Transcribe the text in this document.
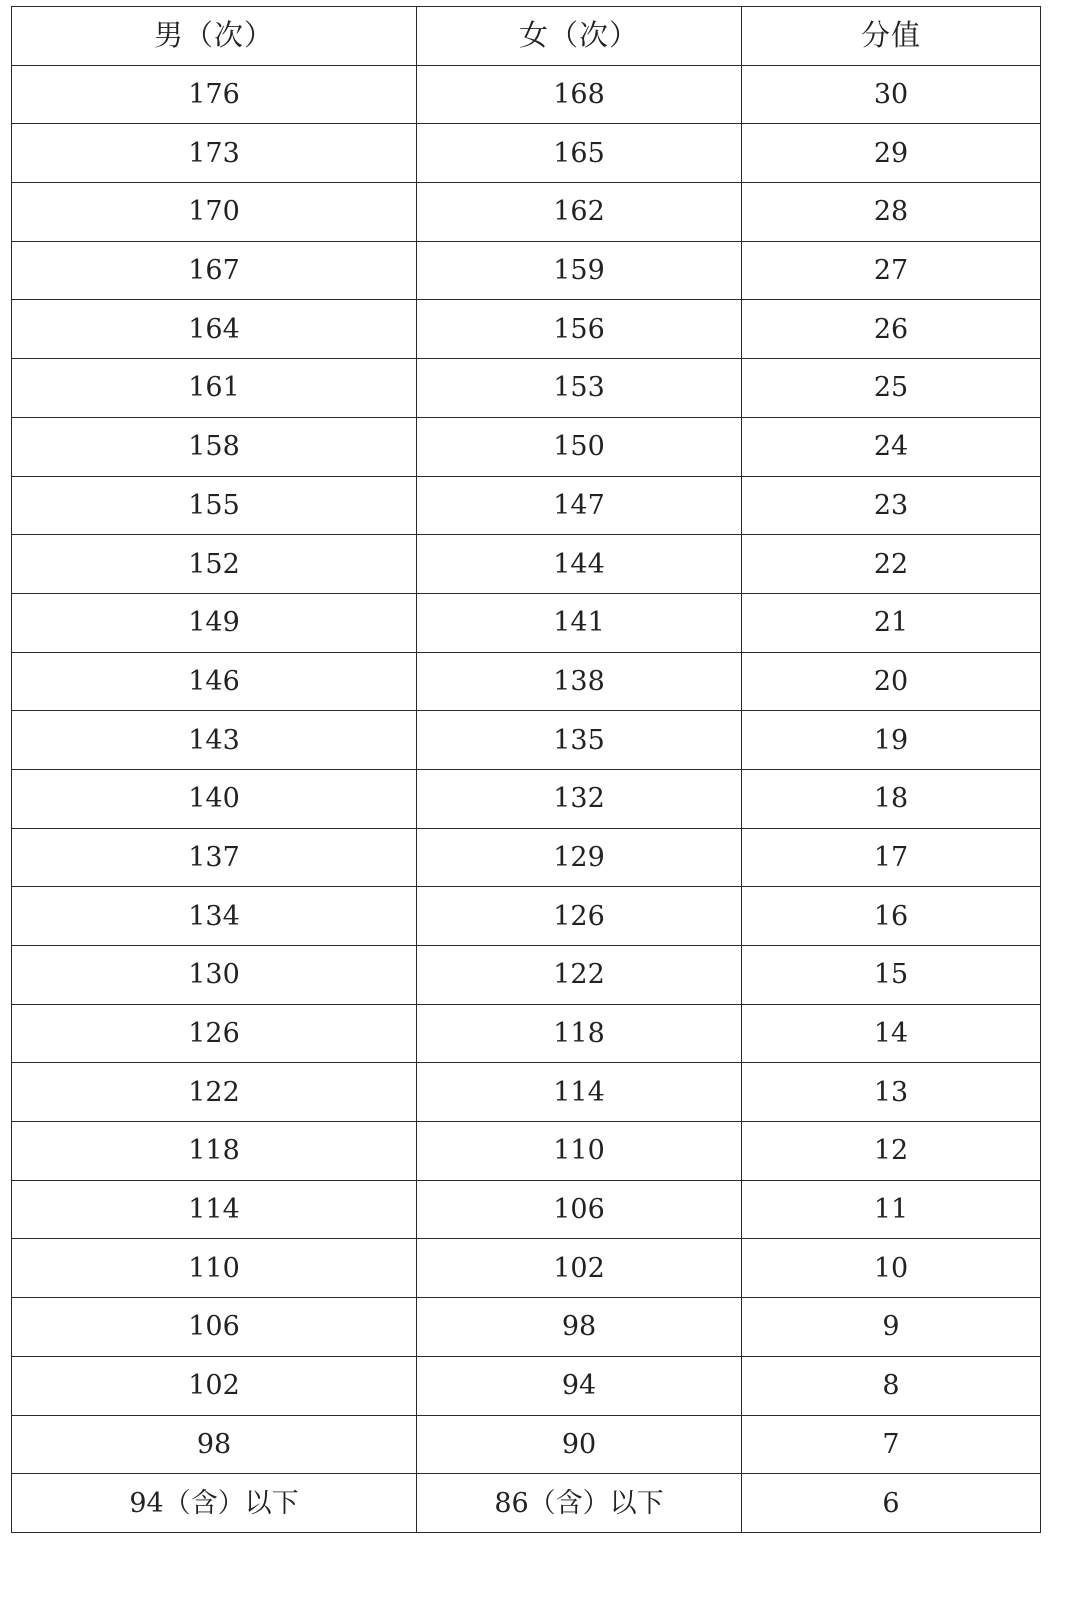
男（次）	女（次）	分值
176	168	30
173	165	29
170	162	28
167	159	27
164	156	26
161	153	25
158	150	24
155	147	23
152	144	22
149	141	21
146	138	20
143	135	19
140	132	18
137	129	17
134	126	16
130	122	15
126	118	14
122	114	13
118	110	12
114	106	11
110	102	10
106	98	9
102	94	8
98	90	7
94（含）以下	86（含）以下	6
